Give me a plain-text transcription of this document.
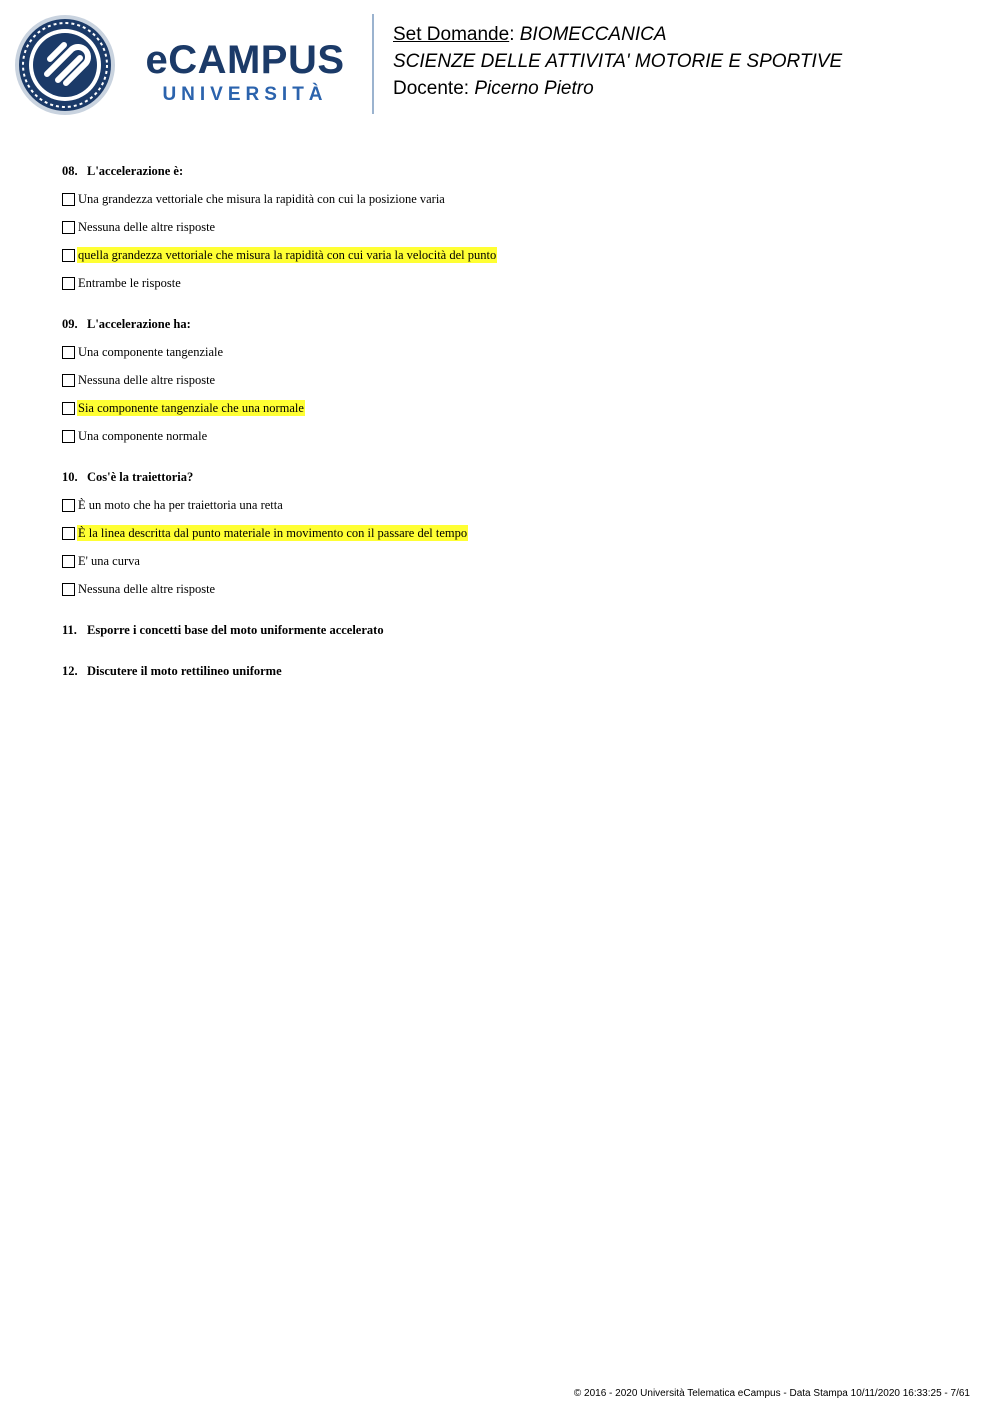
eCAMPUS
UNIVERSITÀ
Set Domande: BIOMECCANICA
SCIENZE DELLE ATTIVITA' MOTORIE E SPORTIVE
Docente: Picerno Pietro
08. L'accelerazione è:
Una grandezza vettoriale che misura la rapidità con cui la posizione varia
Nessuna delle altre risposte
quella grandezza vettoriale che misura la rapidità con cui varia la velocità del punto
Entrambe le risposte
09. L'accelerazione ha:
Una componente tangenziale
Nessuna delle altre risposte
Sia componente tangenziale che una normale
Una componente normale
10. Cos'è la traiettoria?
È un moto che ha per traiettoria una retta
È la linea descritta dal punto materiale in movimento con il passare del tempo
E' una curva
Nessuna delle altre risposte
11. Esporre i concetti base del moto uniformente accelerato
12. Discutere il moto rettilineo uniforme
© 2016 - 2020 Università Telematica eCampus - Data Stampa 10/11/2020 16:33:25 - 7/61
